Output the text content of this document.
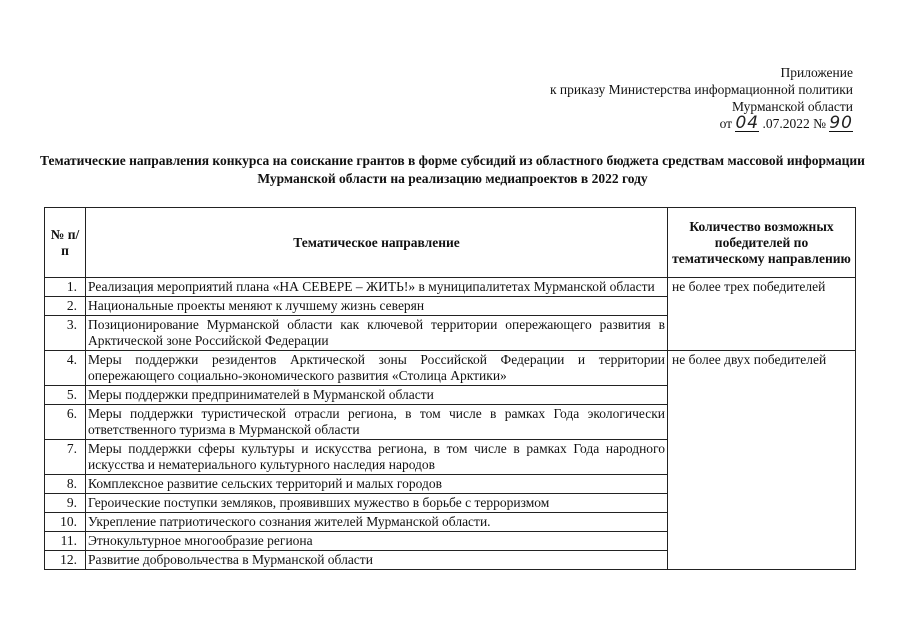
Приложение
к приказу Министерства информационной политики
Мурманской области
от 04 .07.2022 № 90
Тематические направления конкурса на соискание грантов в форме субсидий из областного бюджета средствам массовой информации Мурманской области на реализацию медиапроектов в 2022 году
№ п/п	Тематическое направление	Количество возможных победителей по тематическому направлению
1.	Реализация мероприятий плана «НА СЕВЕРЕ – ЖИТЬ!» в муниципалитетах Мурманской области	не более трех победителей
2.	Национальные проекты меняют к лучшему жизнь северян	
3.	Позиционирование Мурманской области как ключевой территории опережающего развития в Арктической зоне Российской Федерации	
4.	Меры поддержки резидентов Арктической зоны Российской Федерации и территории опережающего социально-экономического развития «Столица Арктики»	не более двух победителей
5.	Меры поддержки предпринимателей в Мурманской области	
6.	Меры поддержки туристической отрасли региона, в том числе в рамках Года экологически ответственного туризма в Мурманской области	
7.	Меры поддержки сферы культуры и искусства региона, в том числе в рамках Года народного искусства и нематериального культурного наследия народов	
8.	Комплексное развитие сельских территорий и малых городов	
9.	Героические поступки земляков, проявивших мужество в борьбе с терроризмом	
10.	Укрепление патриотического сознания жителей Мурманской области.	
11.	Этнокультурное многообразие региона	
12.	Развитие добровольчества в Мурманской области	
